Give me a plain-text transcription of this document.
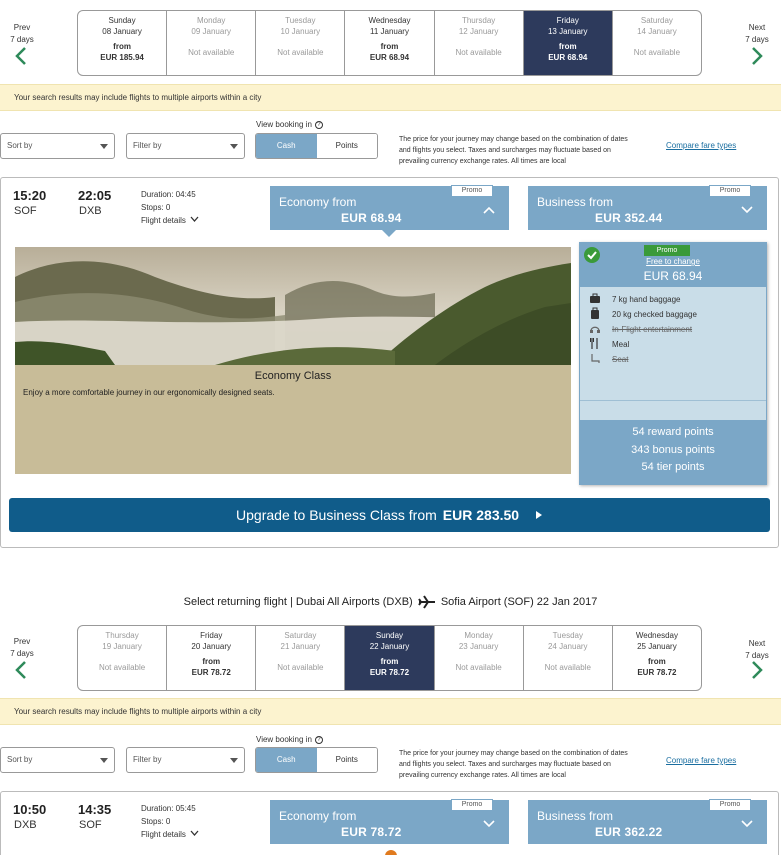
Prev
7 days
Sunday
08 January
from
EUR 185.94
Monday
09 January
Not available
Tuesday
10 January
Not available
Wednesday
11 January
from
EUR 68.94
Thursday
12 January
Not available
Friday
13 January
from
EUR 68.94
Saturday
14 January
Not available
Next
7 days
Your search results may include flights to multiple airports within a city
Sort by	Filter by
View booking in ?
Cash	Points
The price for your journey may change based on the combination of dates
and flights you select. Taxes and surcharges may fluctuate based on
prevailing currency exchange rates. All times are local
Compare fare types
15:20
SOF
22:05
DXB
Duration: 04:45
Stops: 0
Flight details
Promo
Economy from
EUR 68.94
Promo
Business from
EUR 352.44
Economy Class
Enjoy a more comfortable journey in our ergonomically designed seats.
Promo
Free to change
EUR 68.94
7 kg hand baggage
20 kg checked baggage
In-Flight entertainment
Meal
Seat
54 reward points
343 bonus points
54 tier points
Upgrade to Business Class from EUR 283.50
Select returning flight | Dubai All Airports (DXB)	Sofia Airport (SOF) 22 Jan 2017
Prev
7 days
Thursday
19 January
Not available
Friday
20 January
from
EUR 78.72
Saturday
21 January
Not available
Sunday
22 January
from
EUR 78.72
Monday
23 January
Not available
Tuesday
24 January
Not available
Wednesday
25 January
from
EUR 78.72
Next
7 days
Your search results may include flights to multiple airports within a city
Sort by	Filter by
View booking in ?
Cash	Points
The price for your journey may change based on the combination of dates
and flights you select. Taxes and surcharges may fluctuate based on
prevailing currency exchange rates. All times are local
Compare fare types
10:50
DXB
14:35
SOF
Duration: 05:45
Stops: 0
Flight details
Promo
Economy from
EUR 78.72
Promo
Business from
EUR 362.22
